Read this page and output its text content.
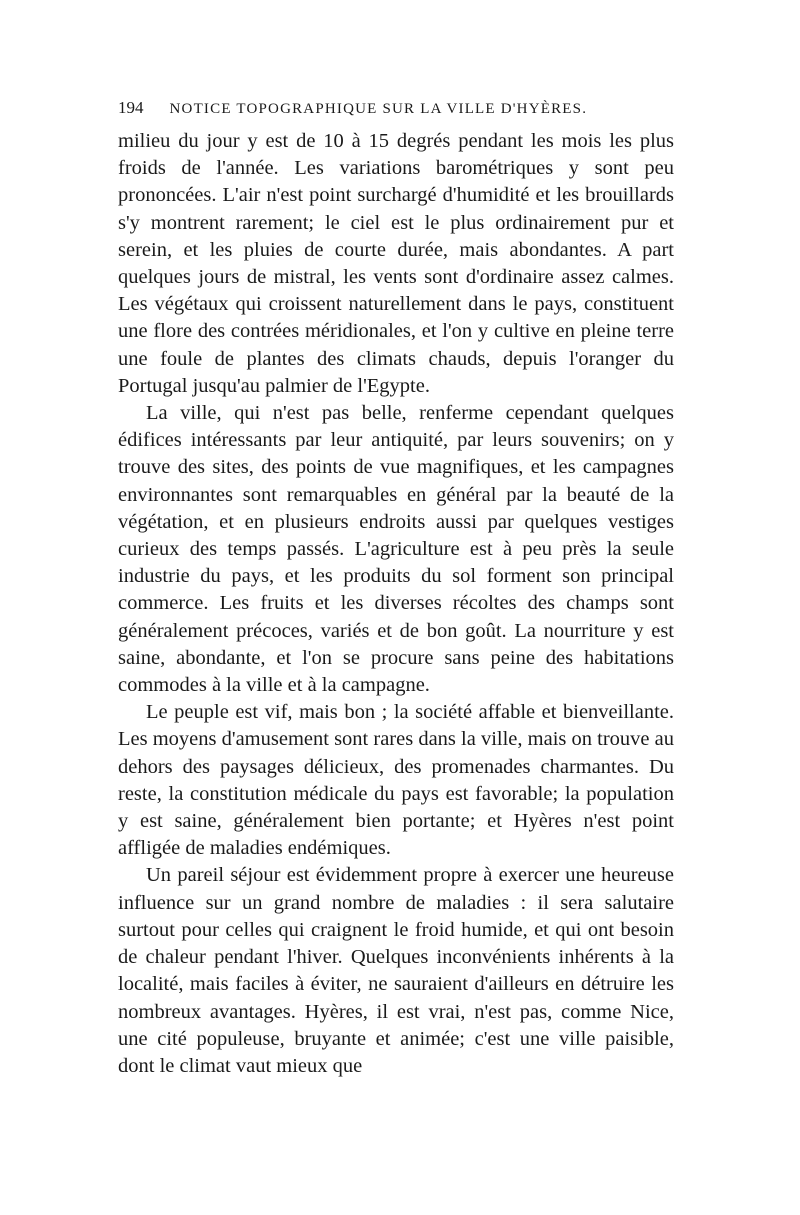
194 NOTICE TOPOGRAPHIQUE SUR LA VILLE D'HYÈRES.

milieu du jour y est de 10 à 15 degrés pendant les mois les plus froids de l'année. Les variations barométriques y sont peu prononcées. L'air n'est point surchargé d'humidité et les brouillards s'y montrent rarement; le ciel est le plus ordinairement pur et serein, et les pluies de courte durée, mais abondantes. A part quelques jours de mistral, les vents sont d'ordinaire assez calmes. Les végétaux qui croissent naturellement dans le pays, constituent une flore des contrées méridionales, et l'on y cultive en pleine terre une foule de plantes des climats chauds, depuis l'oranger du Portugal jusqu'au palmier de l'Egypte.

La ville, qui n'est pas belle, renferme cependant quelques édifices intéressants par leur antiquité, par leurs souvenirs; on y trouve des sites, des points de vue magnifiques, et les campagnes environnantes sont remarquables en général par la beauté de la végétation, et en plusieurs endroits aussi par quelques vestiges curieux des temps passés. L'agriculture est à peu près la seule industrie du pays, et les produits du sol forment son principal commerce. Les fruits et les diverses récoltes des champs sont généralement précoces, variés et de bon goût. La nourriture y est saine, abondante, et l'on se procure sans peine des habitations commodes à la ville et à la campagne.

Le peuple est vif, mais bon ; la société affable et bienveillante. Les moyens d'amusement sont rares dans la ville, mais on trouve au dehors des paysages délicieux, des promenades charmantes. Du reste, la constitution médicale du pays est favorable; la population y est saine, généralement bien portante; et Hyères n'est point affligée de maladies endémiques.

Un pareil séjour est évidemment propre à exercer une heureuse influence sur un grand nombre de maladies : il sera salutaire surtout pour celles qui craignent le froid humide, et qui ont besoin de chaleur pendant l'hiver. Quelques inconvénients inhérents à la localité, mais faciles à éviter, ne sauraient d'ailleurs en détruire les nombreux avantages. Hyères, il est vrai, n'est pas, comme Nice, une cité populeuse, bruyante et animée; c'est une ville paisible, dont le climat vaut mieux que
